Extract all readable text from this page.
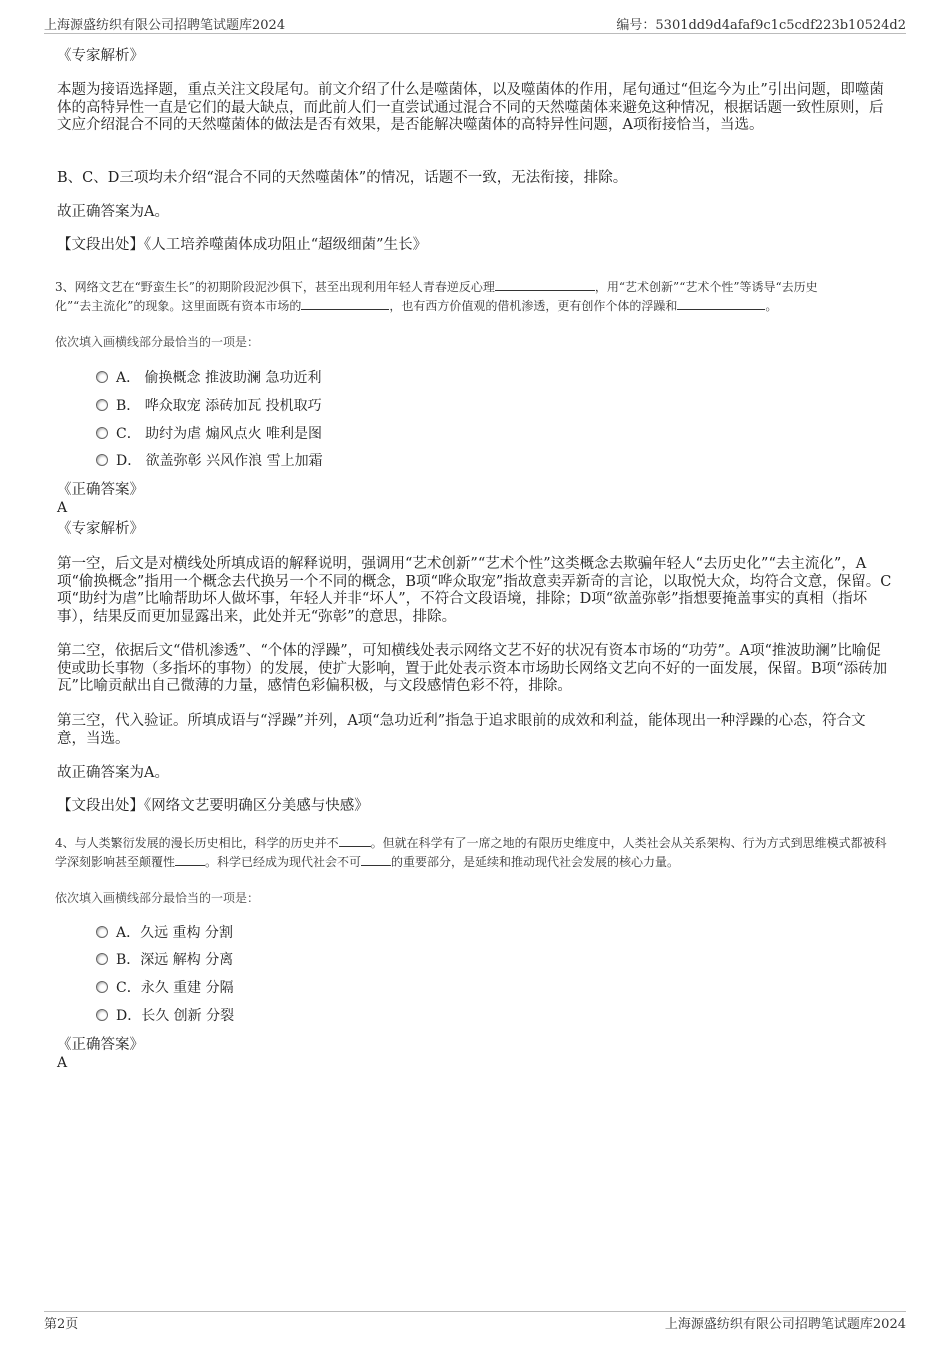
上海源盛纺织有限公司招聘笔试题库2024	编号：5301dd9d4afaf9c1c5cdf223b10524d2
《专家解析》
本题为接语选择题，重点关注文段尾句。前文介绍了什么是噬菌体，以及噬菌体的作用，尾句通过“但迄今为止”引出问题，即噬菌体的高特异性一直是它们的最大缺点，而此前人们一直尝试通过混合不同的天然噬菌体来避免这种情况，根据话题一致性原则，后文应介绍混合不同的天然噬菌体的做法是否有效果，是否能解决噬菌体的高特异性问题，A项衔接恰当，当选。
B、C、D三项均未介绍“混合不同的天然噬菌体”的情况，话题不一致，无法衔接，排除。
故正确答案为A。
【文段出处】《人工培养噬菌体成功阻止“超级细菌”生长》
3、网络文艺在“野蛮生长”的初期阶段泥沙俱下，甚至出现利用年轻人青春逆反心理	，用“艺术创新”“艺术个性”等诱导“去历史
化”“去主流化”的现象。这里面既有资本市场的	，也有西方价值观的借机渗透，更有创作个体的浮躁和	。
依次填入画横线部分最恰当的一项是：
A． 偷换概念 推波助澜 急功近利
B． 哗众取宠 添砖加瓦 投机取巧
C． 助纣为虐 煽风点火 唯利是图
D． 欲盖弥彰 兴风作浪 雪上加霜
《正确答案》
A
《专家解析》
第一空，后文是对横线处所填成语的解释说明，强调用“艺术创新”“艺术个性”这类概念去欺骗年轻人“去历史化”“去主流化”，A项“偷换概念”指用一个概念去代换另一个不同的概念，B项“哗众取宠”指故意卖弄新奇的言论，以取悦大众，均符合文意，保留。C项“助纣为虐”比喻帮助坏人做坏事，年轻人并非“坏人”，不符合文段语境，排除；D项“欲盖弥彰”指想要掩盖事实的真相（指坏事），结果反而更加显露出来，此处并无“弥彰”的意思，排除。
第二空，依据后文“借机渗透”、“个体的浮躁”，可知横线处表示网络文艺不好的状况有资本市场的“功劳”。A项“推波助澜”比喻促使或助长事物（多指坏的事物）的发展，使扩大影响，置于此处表示资本市场助长网络文艺向不好的一面发展，保留。B项“添砖加瓦”比喻贡献出自己微薄的力量，感情色彩偏积极，与文段感情色彩不符，排除。
第三空，代入验证。所填成语与“浮躁”并列，A项“急功近利”指急于追求眼前的成效和利益，能体现出一种浮躁的心态，符合文意，当选。
故正确答案为A。
【文段出处】《网络文艺要明确区分美感与快感》
4、与人类繁衍发展的漫长历史相比，科学的历史并不	。但就在科学有了一席之地的有限历史维度中，人类社会从关系架构、行为方式到思维模式都被科学深刻影响甚至颠覆性	。科学已经成为现代社会不可	的重要部分，是延续和推动现代社会发展的核心力量。
依次填入画横线部分最恰当的一项是：
A．久远 重构 分割
B．深远 解构 分离
C．永久 重建 分隔
D．长久 创新 分裂
《正确答案》
A
第2页	上海源盛纺织有限公司招聘笔试题库2024
